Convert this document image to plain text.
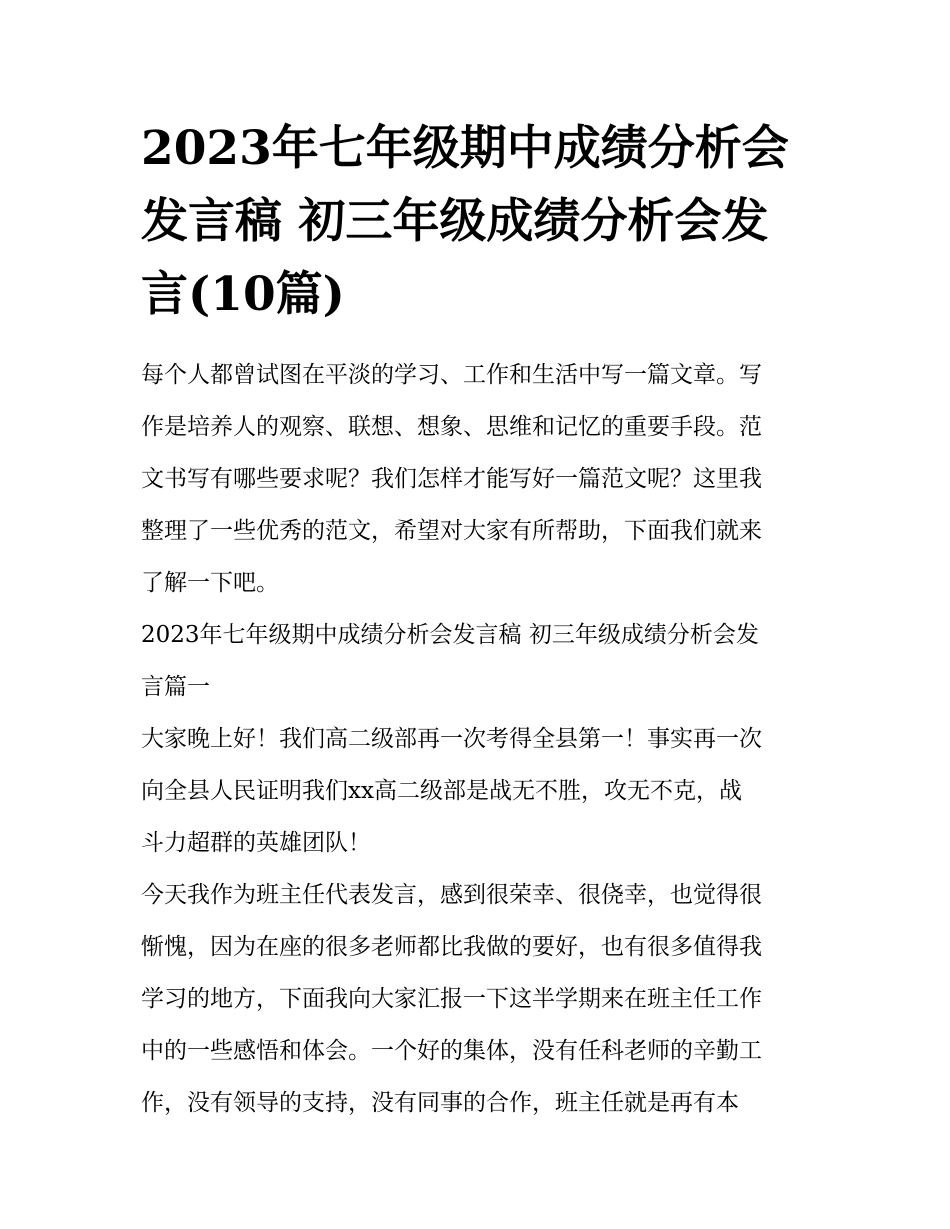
2023年七年级期中成绩分析会
发言稿 初三年级成绩分析会发
言(10篇)
每个人都曾试图在平淡的学习、工作和生活中写一篇文章。写
作是培养人的观察、联想、想象、思维和记忆的重要手段。范
文书写有哪些要求呢？我们怎样才能写好一篇范文呢？这里我
整理了一些优秀的范文，希望对大家有所帮助，下面我们就来
了解一下吧。
2023年七年级期中成绩分析会发言稿 初三年级成绩分析会发
言篇一
大家晚上好！我们高二级部再一次考得全县第一！事实再一次
向全县人民证明我们xx高二级部是战无不胜，攻无不克，战
斗力超群的英雄团队！
今天我作为班主任代表发言，感到很荣幸、很侥幸，也觉得很
惭愧，因为在座的很多老师都比我做的要好，也有很多值得我
学习的地方，下面我向大家汇报一下这半学期来在班主任工作
中的一些感悟和体会。一个好的集体，没有任科老师的辛勤工
作，没有领导的支持，没有同事的合作，班主任就是再有本
